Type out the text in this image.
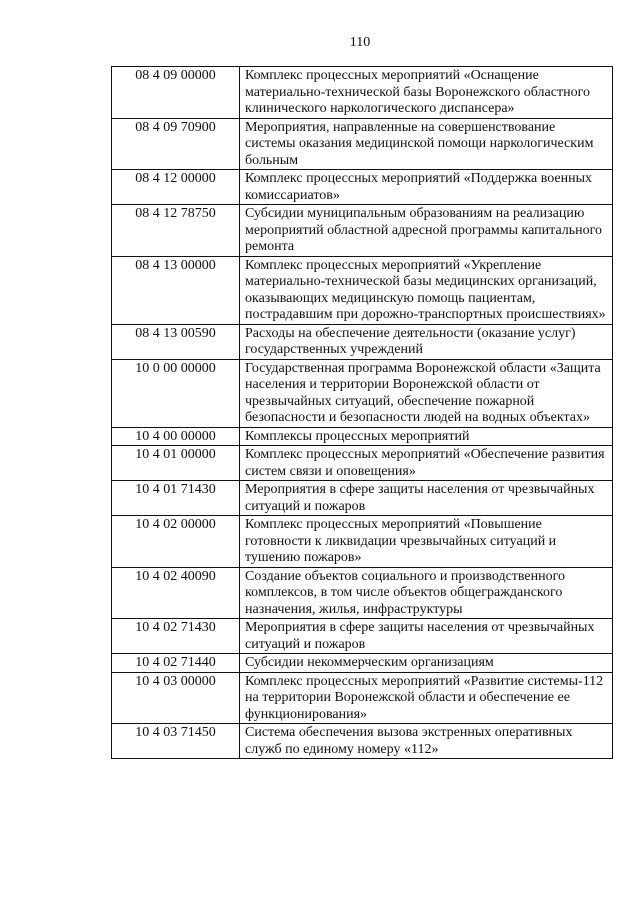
110
08 4 09 00000	Комплекс процессных мероприятий «Оснащение материально-технической базы Воронежского областного клинического наркологического диспансера»
08 4 09 70900	Мероприятия, направленные на совершенствование системы оказания медицинской помощи наркологическим больным
08 4 12 00000	Комплекс процессных мероприятий «Поддержка военных комиссариатов»
08 4 12 78750	Субсидии муниципальным образованиям на реализацию мероприятий областной адресной программы капитального ремонта
08 4 13 00000	Комплекс процессных мероприятий «Укрепление материально-технической базы медицинских организаций, оказывающих медицинскую помощь пациентам, пострадавшим при дорожно-транспортных происшествиях»
08 4 13 00590	Расходы на обеспечение деятельности (оказание услуг) государственных учреждений
10 0 00 00000	Государственная программа Воронежской области «Защита населения и территории Воронежской области от чрезвычайных ситуаций, обеспечение пожарной безопасности и безопасности людей на водных объектах»
10 4 00 00000	Комплексы процессных мероприятий
10 4 01 00000	Комплекс процессных мероприятий «Обеспечение развития систем связи и оповещения»
10 4 01 71430	Мероприятия в сфере защиты населения от чрезвычайных ситуаций и пожаров
10 4 02 00000	Комплекс процессных мероприятий «Повышение готовности к ликвидации чрезвычайных ситуаций и тушению пожаров»
10 4 02 40090	Создание объектов социального и производственного комплексов, в том числе объектов общегражданского назначения, жилья, инфраструктуры
10 4 02 71430	Мероприятия в сфере защиты населения от чрезвычайных ситуаций и пожаров
10 4 02 71440	Субсидии некоммерческим организациям
10 4 03 00000	Комплекс процессных мероприятий «Развитие системы-112 на территории Воронежской области и обеспечение ее функционирования»
10 4 03 71450	Система обеспечения вызова экстренных оперативных служб по единому номеру «112»
